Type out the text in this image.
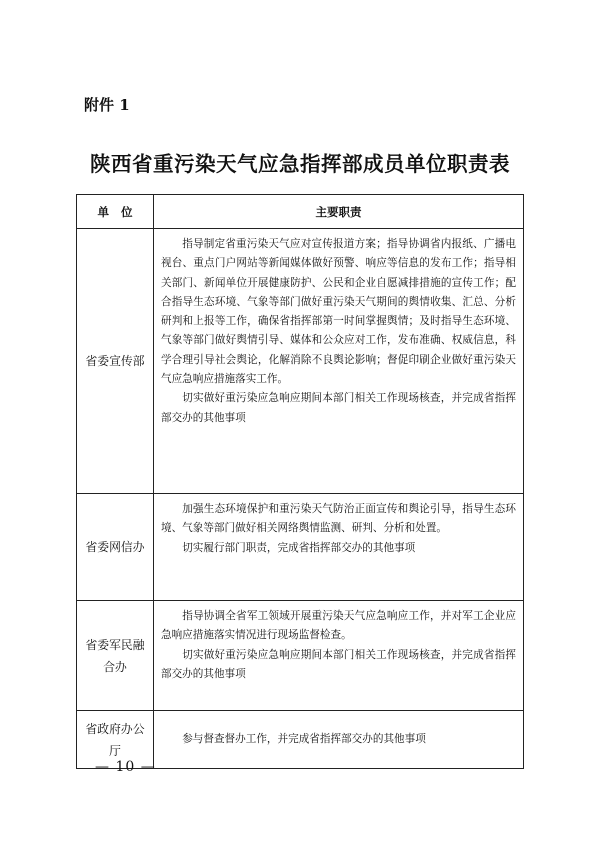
附件 1
陕西省重污染天气应急指挥部成员单位职责表
单位	主要职责
省委宣传部	指导制定省重污染天气应对宣传报道方案；指导协调省内报纸、广播电视台、重点门户网站等新闻媒体做好预警、响应等信息的发布工作；指导相关部门、新闻单位开展健康防护、公民和企业自愿减排措施的宣传工作；配合指导生态环境、气象等部门做好重污染天气期间的舆情收集、汇总、分析研判和上报等工作，确保省指挥部第一时间掌握舆情；及时指导生态环境、气象等部门做好舆情引导、媒体和公众应对工作，发布准确、权威信息，科学合理引导社会舆论，化解消除不良舆论影响；督促印刷企业做好重污染天气应急响应措施落实工作。

切实做好重污染应急响应期间本部门相关工作现场核查，并完成省指挥部交办的其他事项

省委网信办	加强生态环境保护和重污染天气防治正面宣传和舆论引导，指导生态环境、气象等部门做好相关网络舆情监测、研判、分析和处置。

切实履行部门职责，完成省指挥部交办的其他事项

省委军民融合办	指导协调全省军工领域开展重污染天气应急响应工作，并对军工企业应急响应措施落实情况进行现场监督检查。

切实做好重污染应急响应期间本部门相关工作现场核查，并完成省指挥部交办的其他事项

省政府办公厅	参与督查督办工作，并完成省指挥部交办的其他事项

— 10 —
